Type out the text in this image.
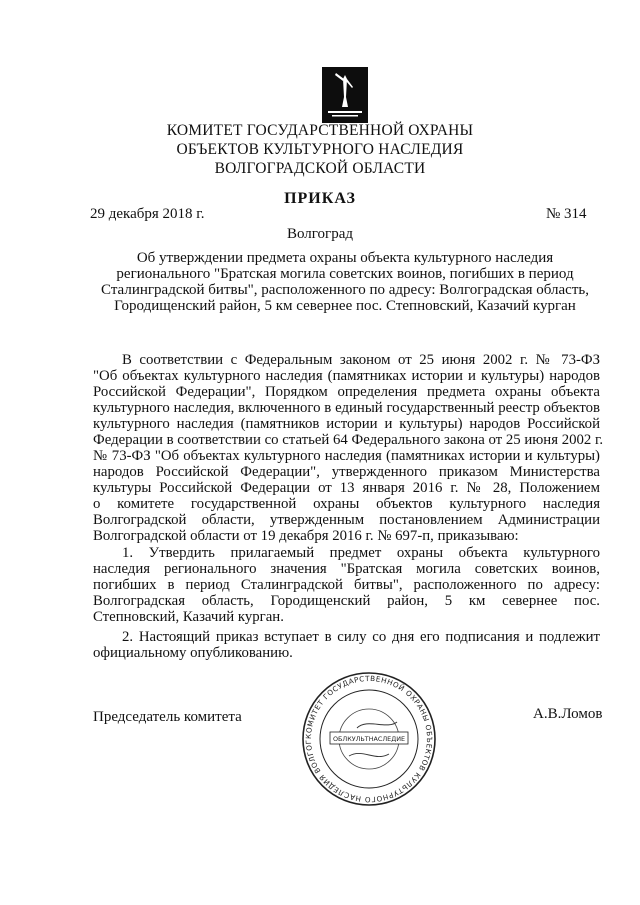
КОМИТЕТ ГОСУДАРСТВЕННОЙ ОХРАНЫ
ОБЪЕКТОВ КУЛЬТУРНОГО НАСЛЕДИЯ
ВОЛГОГРАДСКОЙ ОБЛАСТИ
ПРИКАЗ
29 декабря 2018 г.	№ 314
Волгоград
Об утверждении предмета охраны объекта культурного наследия
регионального "Братская могила советских воинов, погибших в период
Сталинградской битвы", расположенного по адресу: Волгоградская область,
Городищенский район, 5 км севернее пос. Степновский, Казачий курган
В соответствии с Федеральным законом от 25 июня 2002 г. № 73-ФЗ
"Об объектах культурного наследия (памятниках истории и культуры) народов
Российской Федерации", Порядком определения предмета охраны объекта
культурного наследия, включенного в единый государственный реестр объектов
культурного наследия (памятников истории и культуры) народов Российской
Федерации в соответствии со статьей 64 Федерального закона от 25 июня 2002 г.
№ 73-ФЗ "Об объектах культурного наследия (памятниках истории и культуры)
народов Российской Федерации", утвержденного приказом Министерства
культуры Российской Федерации от 13 января 2016 г. № 28, Положением
о комитете государственной охраны объектов культурного наследия
Волгоградской области, утвержденным постановлением Администрации
Волгоградской области от 19 декабря 2016 г. № 697-п, приказываю:
1. Утвердить прилагаемый предмет охраны объекта культурного
наследия регионального значения "Братская могила советских воинов,
погибших в период Сталинградской битвы", расположенного по адресу:
Волгоградская область, Городищенский район, 5 км севернее пос.
Степновский, Казачий курган.
2. Настоящий приказ вступает в силу со дня его подписания и подлежит
официальному опубликованию.
Председатель комитета	А.В.Ломов
КОМИТЕТ ГОСУДАРСТВЕННОЙ ОХРАНЫ ОБЪЕКТОВ КУЛЬТУРНОГО НАСЛЕДИЯ ВОЛГОГ	ОБЛКУЛЬТНАСЛЕДИЕ
